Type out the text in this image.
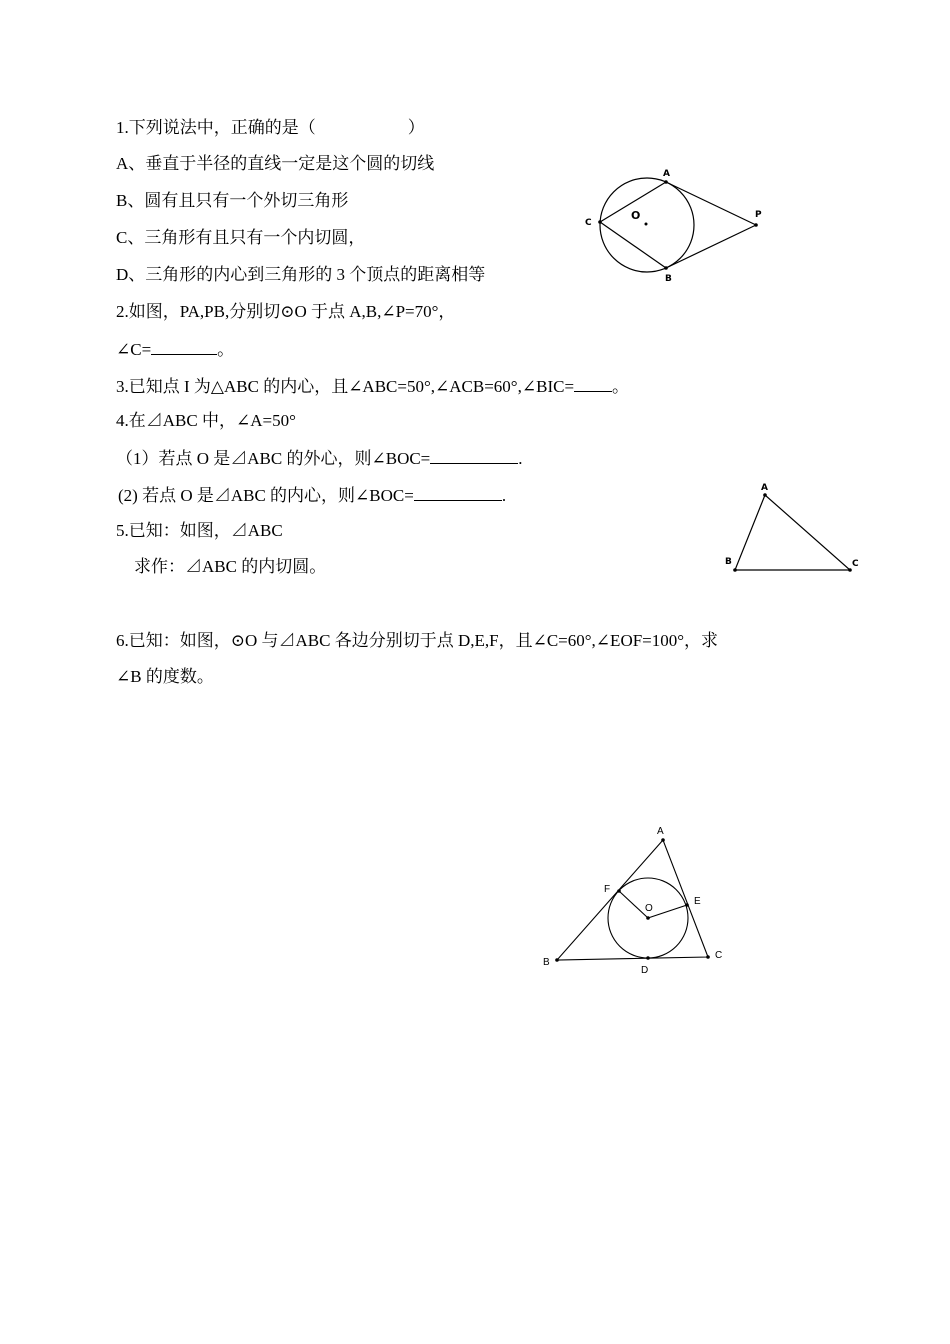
1.下列说法中，正确的是（	）
A、垂直于半径的直线一定是这个圆的切线
B、圆有且只有一个外切三角形
C、三角形有且只有一个内切圆，
D、三角形的内心到三角形的 3 个顶点的距离相等
2.如图，PA,PB,分别切⊙O 于点 A,B,∠P=70°，
∠C=	。
3.已知点 I 为△ABC 的内心，且∠ABC=50°,∠ACB=60°,∠BIC= 。
4.在⊿ABC 中，∠A=50°
（1）若点 O 是⊿ABC 的外心，则∠BOC=	.
(2) 若点 O 是⊿ABC 的内心，则∠BOC=	.
5.已知：如图，⊿ABC
求作：⊿ABC 的内切圆。
6.已知：如图，⊙O 与⊿ABC 各边分别切于点 D,E,F，且∠C=60°,∠EOF=100°，求
∠B 的度数。
A
B
C
O	P
A
B	C
A
B
C
D
E
F
O
